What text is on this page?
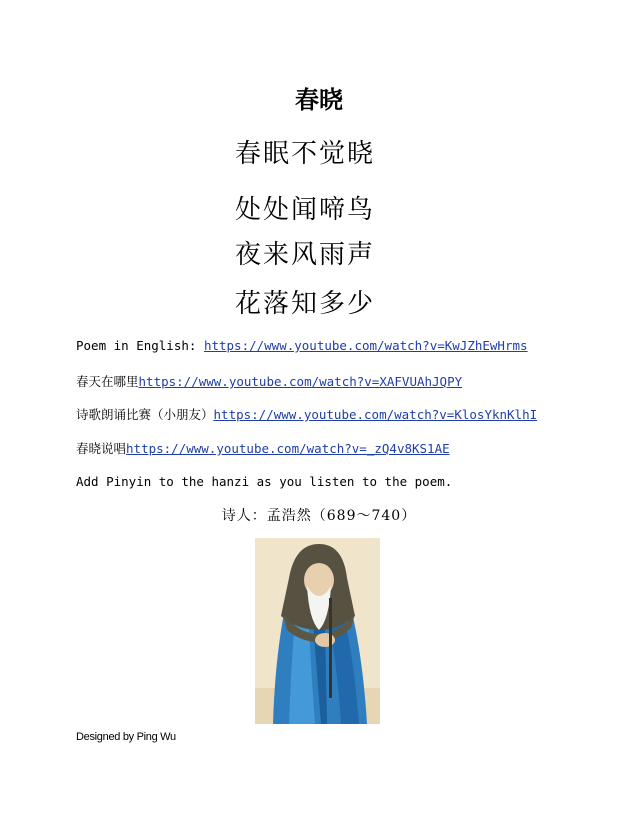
春晓
春眠不觉晓
处处闻啼鸟
夜来风雨声
花落知多少
Poem in English: https://www.youtube.com/watch?v=KwJZhEwHrms
春天在哪里https://www.youtube.com/watch?v=XAFVUAhJQPY
诗歌朗诵比赛（小朋友）https://www.youtube.com/watch?v=KlosYknKlhI
春晓说唱https://www.youtube.com/watch?v=_zQ4v8KS1AE
Add Pinyin to the hanzi as you listen to the poem.
诗人：孟浩然（689～740）
Designed by Ping Wu
